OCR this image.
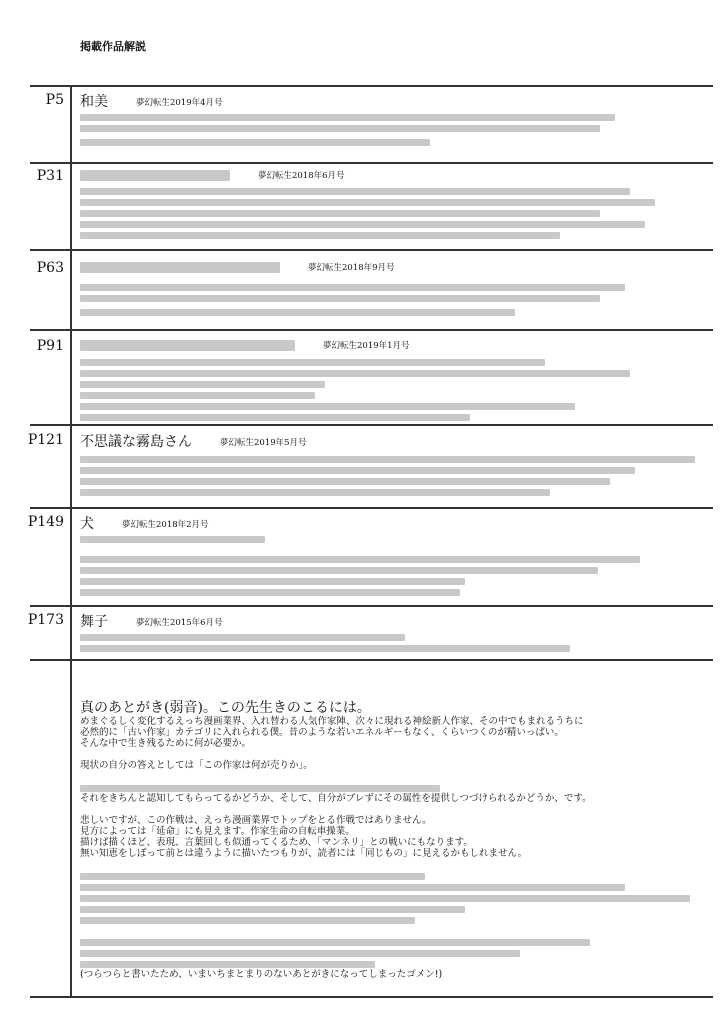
掲載作品解説
P5 和美	夢幻転生2019年4月号
P31	夢幻転生2018年6月号
P63	夢幻転生2018年9月号
P91	夢幻転生2019年1月号
P121 不思議な霧島さん	夢幻転生2019年5月号
P149 犬	夢幻転生2018年2月号
P173 舞子	夢幻転生2015年6月号
真のあとがき(弱音)。この先生きのこるには。
めまぐるしく変化するえっち漫画業界、入れ替わる人気作家陣、次々に現れる神絵新人作家、その中でもまれるうちに
必然的に「古い作家」カテゴリに入れられる僕。昔のような若いエネルギーもなく、くらいつくのが精いっぱい。
そんな中で生き残るために何が必要か。
現状の自分の答えとしては「この作家は何が売りか」。
それをきちんと認知してもらってるかどうか、そして、自分がブレずにその属性を提供しつづけられるかどうか、です。
悲しいですが、この作戦は、えっち漫画業界でトップをとる作戦ではありません。
見方によっては「延命」にも見えます。作家生命の自転車操業。
描けば描くほど、表現、言葉回しも似通ってくるため、「マンネリ」との戦いにもなります。
無い知恵をしぼって前とは違うように描いたつもりが、読者には「同じもの」に見えるかもしれません。
(つらつらと書いたため、いまいちまとまりのないあとがきになってしまったゴメン!)
